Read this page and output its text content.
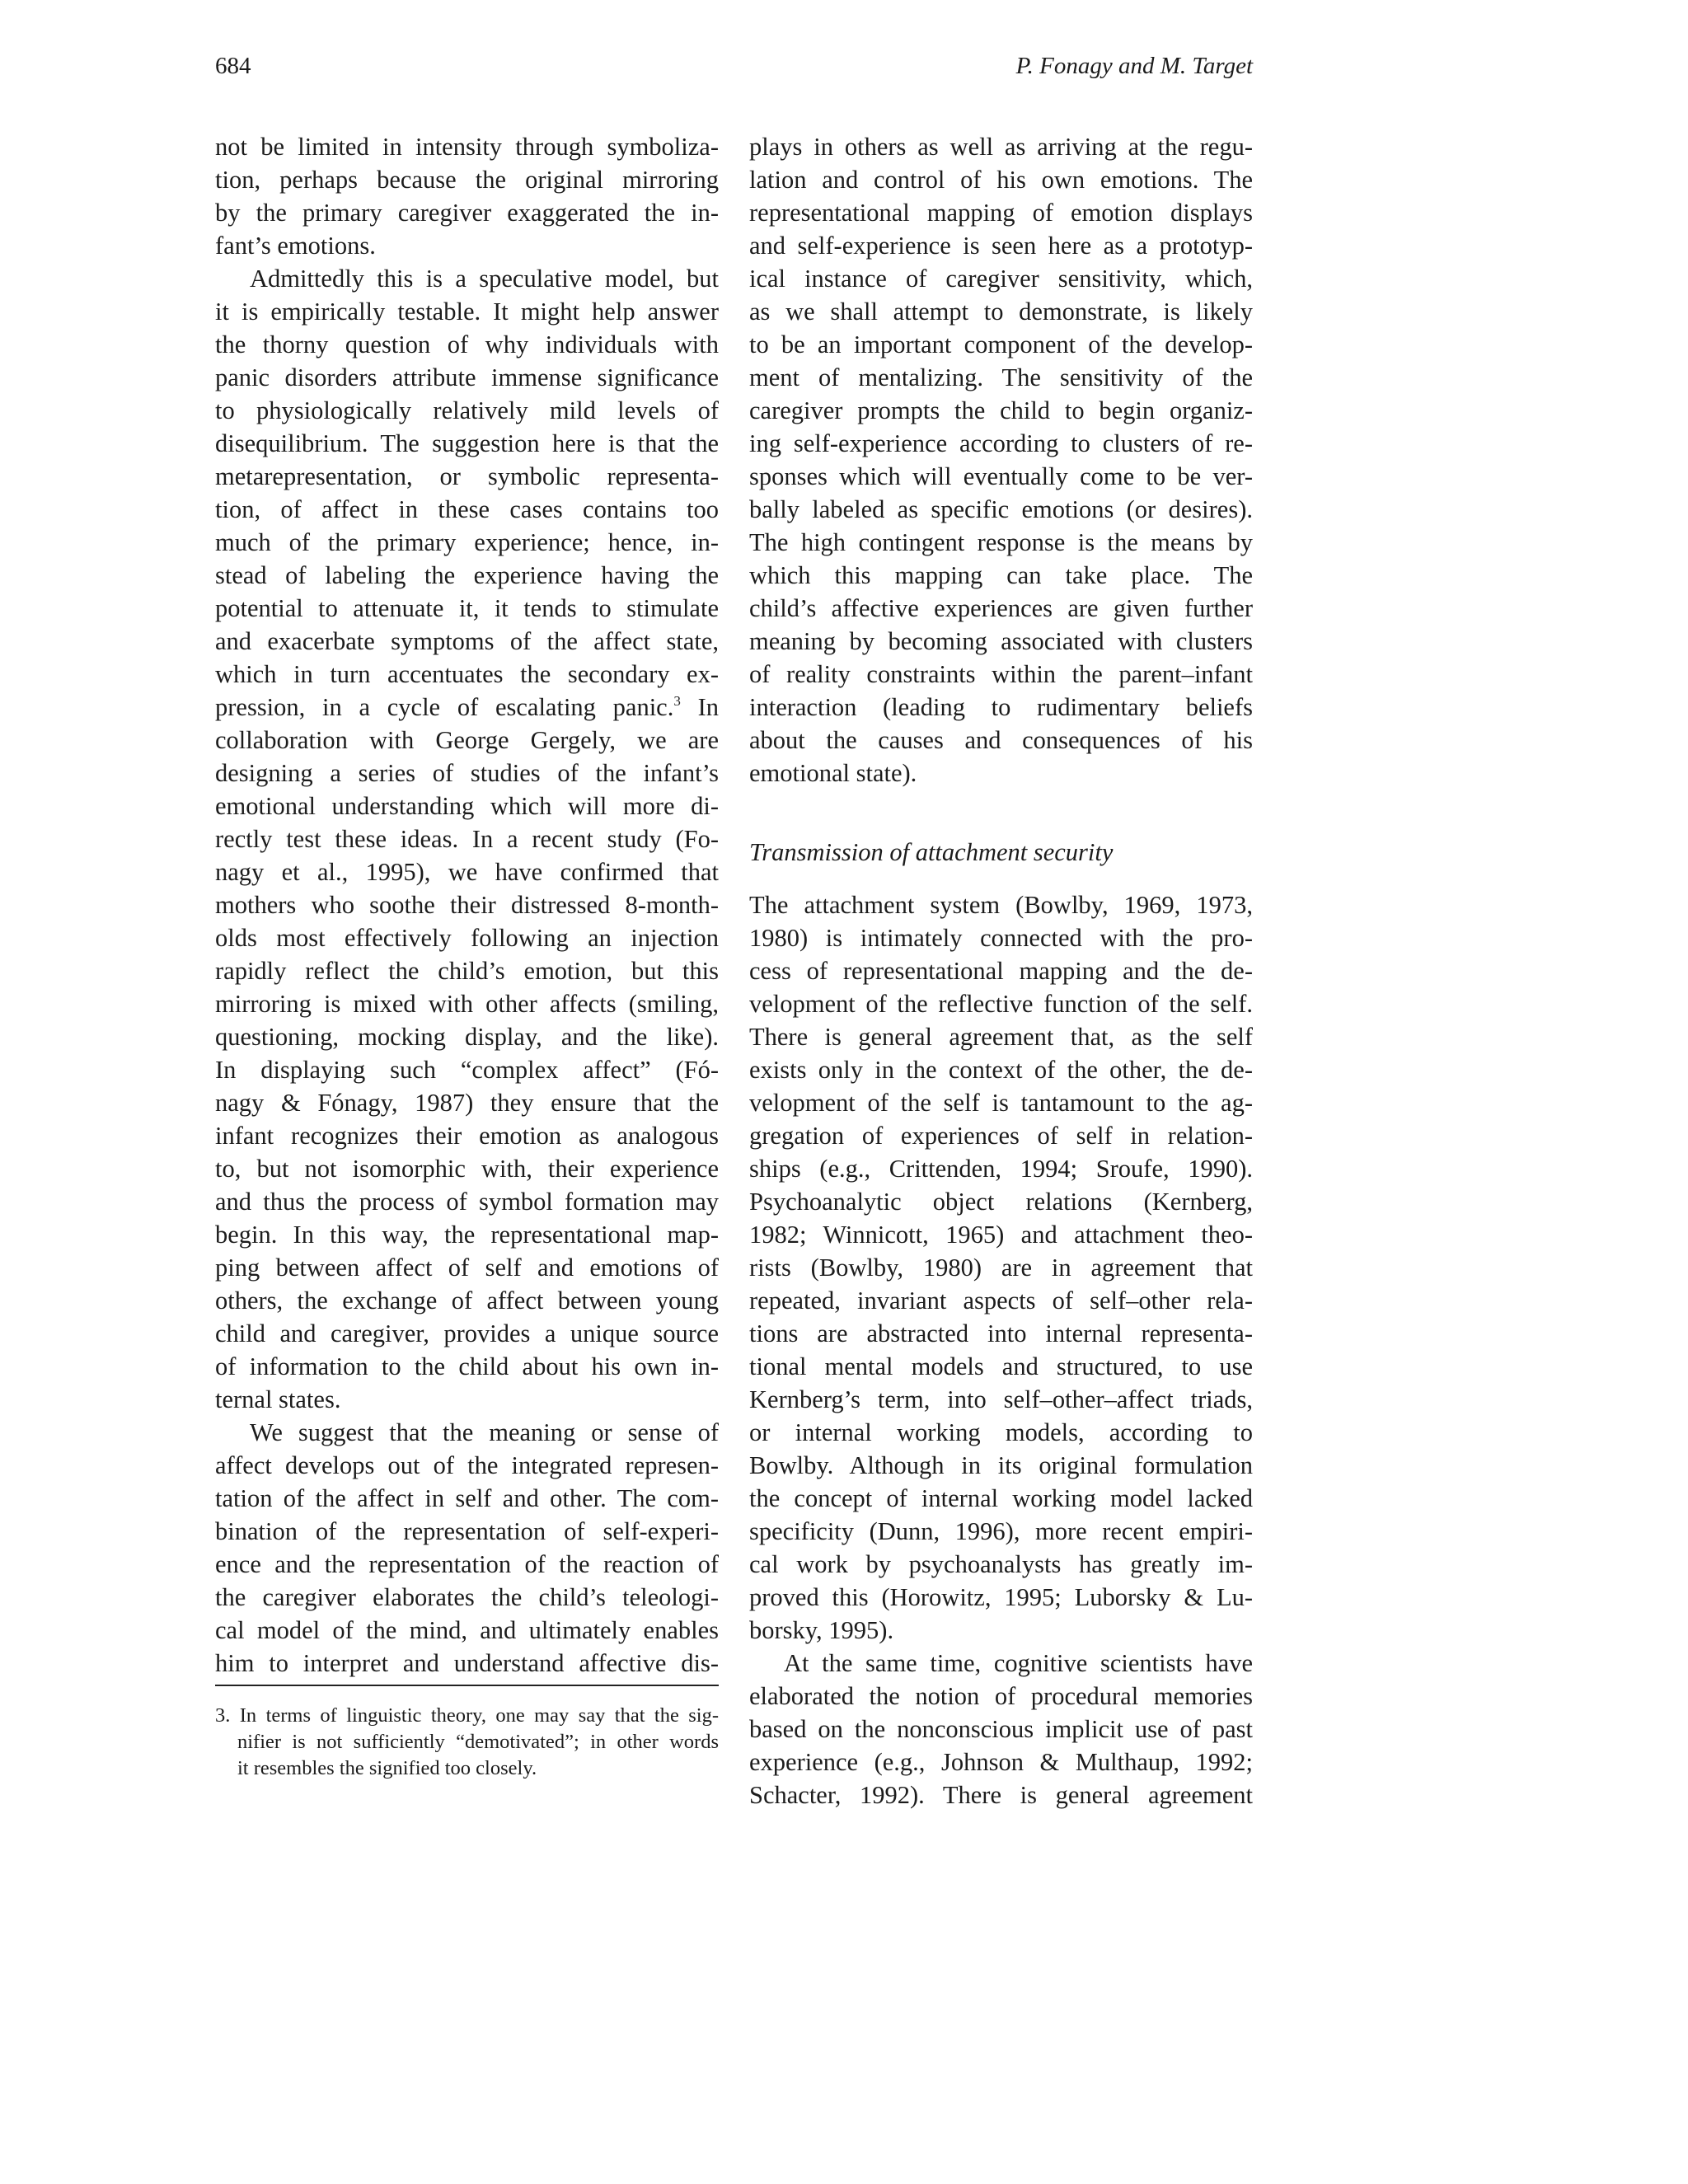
684	P. Fonagy and M. Target
not be limited in intensity through symboliza-
tion, perhaps because the original mirroring
by the primary caregiver exaggerated the in-
fant’s emotions.
Admittedly this is a speculative model, but
it is empirically testable. It might help answer
the thorny question of why individuals with
panic disorders attribute immense significance
to physiologically relatively mild levels of
disequilibrium. The suggestion here is that the
metarepresentation, or symbolic representa-
tion, of affect in these cases contains too
much of the primary experience; hence, in-
stead of labeling the experience having the
potential to attenuate it, it tends to stimulate
and exacerbate symptoms of the affect state,
which in turn accentuates the secondary ex-
pression, in a cycle of escalating panic.$^3$ In
collaboration with George Gergely, we are
designing a series of studies of the infant’s
emotional understanding which will more di-
rectly test these ideas. In a recent study (Fo-
nagy et al., 1995), we have confirmed that
mothers who soothe their distressed 8-month-
olds most effectively following an injection
rapidly reflect the child’s emotion, but this
mirroring is mixed with other affects (smiling,
questioning, mocking display, and the like).
In displaying such “complex affect” (Fó-
nagy & Fónagy, 1987) they ensure that the
infant recognizes their emotion as analogous
to, but not isomorphic with, their experience
and thus the process of symbol formation may
begin. In this way, the representational map-
ping between affect of self and emotions of
others, the exchange of affect between young
child and caregiver, provides a unique source
of information to the child about his own in-
ternal states.
We suggest that the meaning or sense of
affect develops out of the integrated represen-
tation of the affect in self and other. The com-
bination of the representation of self-experi-
ence and the representation of the reaction of
the caregiver elaborates the child’s teleologi-
cal model of the mind, and ultimately enables
him to interpret and understand affective dis-
3. In terms of linguistic theory, one may say that the sig-
nifier is not sufficiently “demotivated”; in other words
it resembles the signified too closely.
plays in others as well as arriving at the regu-
lation and control of his own emotions. The
representational mapping of emotion displays
and self-experience is seen here as a prototyp-
ical instance of caregiver sensitivity, which,
as we shall attempt to demonstrate, is likely
to be an important component of the develop-
ment of mentalizing. The sensitivity of the
caregiver prompts the child to begin organiz-
ing self-experience according to clusters of re-
sponses which will eventually come to be ver-
bally labeled as specific emotions (or desires).
The high contingent response is the means by
which this mapping can take place. The
child’s affective experiences are given further
meaning by becoming associated with clusters
of reality constraints within the parent–infant
interaction (leading to rudimentary beliefs
about the causes and consequences of his
emotional state).
Transmission of attachment security
The attachment system (Bowlby, 1969, 1973,
1980) is intimately connected with the pro-
cess of representational mapping and the de-
velopment of the reflective function of the self.
There is general agreement that, as the self
exists only in the context of the other, the de-
velopment of the self is tantamount to the ag-
gregation of experiences of self in relation-
ships (e.g., Crittenden, 1994; Sroufe, 1990).
Psychoanalytic object relations (Kernberg,
1982; Winnicott, 1965) and attachment theo-
rists (Bowlby, 1980) are in agreement that
repeated, invariant aspects of self–other rela-
tions are abstracted into internal representa-
tional mental models and structured, to use
Kernberg’s term, into self–other–affect triads,
or internal working models, according to
Bowlby. Although in its original formulation
the concept of internal working model lacked
specificity (Dunn, 1996), more recent empiri-
cal work by psychoanalysts has greatly im-
proved this (Horowitz, 1995; Luborsky & Lu-
borsky, 1995).
At the same time, cognitive scientists have
elaborated the notion of procedural memories
based on the nonconscious implicit use of past
experience (e.g., Johnson & Multhaup, 1992;
Schacter, 1992). There is general agreement
